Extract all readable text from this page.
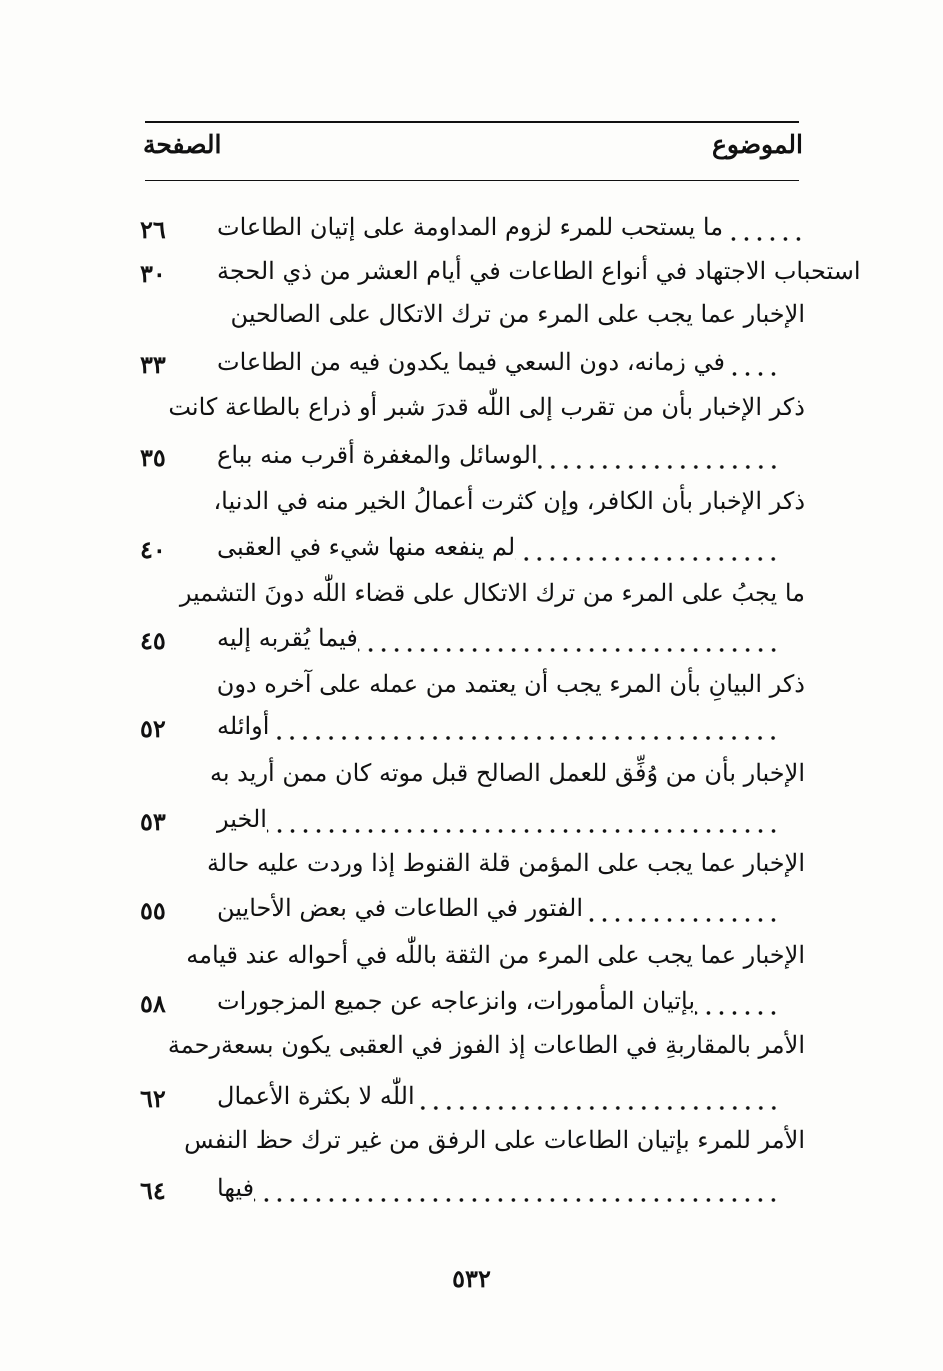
الموضوع
الصفحة
ما يستحب للمرء لزوم المداومة على إتيان الطاعات
٢٦
استحباب الاجتهاد في أنواع الطاعات في أيام العشر من ذي الحجة
٣٠
الإخبار عما يجب على المرء من ترك الاتكال على الصالحين
في زمانه، دون السعي فيما يكدون فيه من الطاعات
٣٣
ذكر الإخبار بأن من تقرب إلى اللّٰه قدرَ شبر أو ذراع بالطاعة كانت
الوسائل والمغفرة أقرب منه بباع
٣٥
ذكر الإخبار بأن الكافر، وإن كثرت أعمالُ الخير منه في الدنيا،
لم ينفعه منها شيء في العقبى
٤٠
ما يجبُ على المرء من ترك الاتكال على قضاء اللّٰه دونَ التشمير
فيما يُقربه إليه
٤٥
ذكر البيانِ بأن المرء يجب أن يعتمد من عمله على آخره دون
أوائله
٥٢
الإخبار بأن من وُفِّق للعمل الصالح قبل موته كان ممن أريد به
الخير
٥٣
الإخبار عما يجب على المؤمن قلة القنوط إذا وردت عليه حالة
الفتور في الطاعات في بعض الأحايين
٥٥
الإخبار عما يجب على المرء من الثقة باللّٰه في أحواله عند قيامه
بإتيان المأمورات، وانزعاجه عن جميع المزجورات
٥٨
الأمر بالمقاربةِ في الطاعات إذ الفوز في العقبى يكون بسعةرحمة
اللّٰه لا بكثرة الأعمال
٦٢
الأمر للمرء بإتيان الطاعات على الرفق من غير ترك حظ النفس
فيها
٦٤
٥٣٢
